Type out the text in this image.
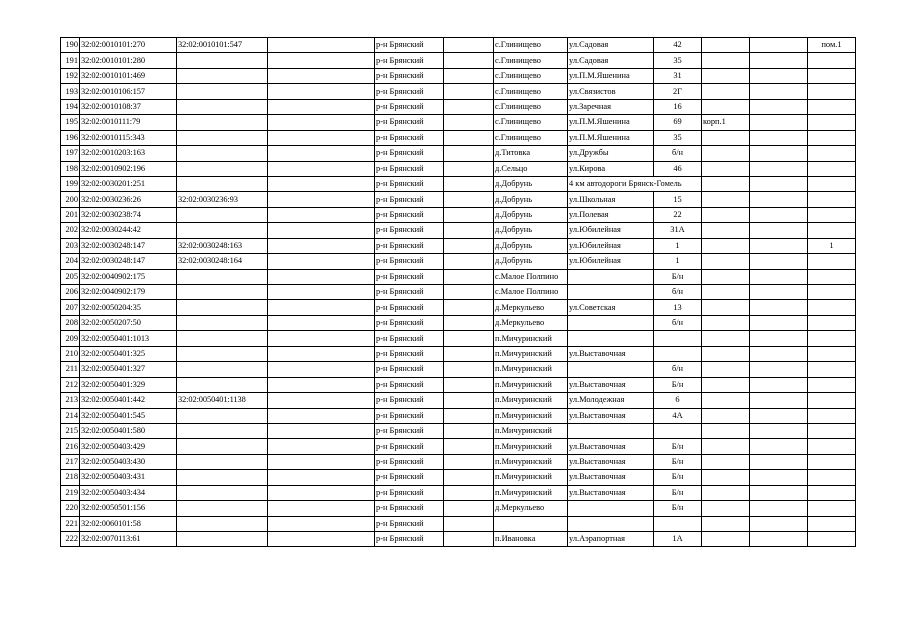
190	32:02:0010101:270	32:02:0010101:547		р-н Брянский		с.Глинищево	ул.Садовая	42			пом.1
191	32:02:0010101:280			р-н Брянский		с.Глинищево	ул.Садовая	35			
192	32:02:0010101:469			р-н Брянский		с.Глинищево	ул.П.М.Яшенина	31			
193	32:02:0010106:157			р-н Брянский		с.Глинищево	ул.Связистов	2Г			
194	32:02:0010108:37			р-н Брянский		с.Глинищево	ул.Заречная	16			
195	32:02:0010111:79			р-н Брянский		с.Глинищево	ул.П.М.Яшенина	69	корп.1		
196	32:02:0010115:343			р-н Брянский		с.Глинищево	ул.П.М.Яшенина	35			
197	32:02:0010203:163			р-н Брянский		д.Титовка	ул.Дружбы	б/н			
198	32:02:0010902:196			р-н Брянский		д.Сельцо	ул.Кирова	46			
199	32:02:0030201:251			р-н Брянский		д.Добрунь	4 км автодороги Брянск-Гомель				
200	32:02:0030236:26	32:02:0030236:93		р-н Брянский		д.Добрунь	ул.Школьная	15			
201	32:02:0030238:74			р-н Брянский		д.Добрунь	ул.Полевая	22			
202	32:02:0030244:42			р-н Брянский		д.Добрунь	ул.Юбилейная	31А			
203	32:02:0030248:147	32:02:0030248:163		р-н Брянский		д.Добрунь	ул.Юбилейная	1			1
204	32:02:0030248:147	32:02:0030248:164		р-н Брянский		д.Добрунь	ул.Юбилейная	1			
205	32:02:0040902:175			р-н Брянский		с.Малое Полпино		Б/н			
206	32:02:0040902:179			р-н Брянский		с.Малое Полпино		б/н			
207	32:02:0050204:35			р-н Брянский		д.Меркульево	ул.Советская	13			
208	32:02:0050207:50			р-н Брянский		д.Меркульево		б/н			
209	32:02:0050401:1013			р-н Брянский		п.Мичуринский					
210	32:02:0050401:325			р-н Брянский		п.Мичуринский	ул.Выставочная				
211	32:02:0050401:327			р-н Брянский		п.Мичуринский		б/н			
212	32:02:0050401:329			р-н Брянский		п.Мичуринский	ул.Выставочная	Б/н			
213	32:02:0050401:442	32:02:0050401:1138		р-н Брянский		п.Мичуринский	ул.Молодежная	6			
214	32:02:0050401:545			р-н Брянский		п.Мичуринский	ул.Выставочная	4А			
215	32:02:0050401:580			р-н Брянский		п.Мичуринский					
216	32:02:0050403:429			р-н Брянский		п.Мичуринский	ул.Выставочная	Б/н			
217	32:02:0050403:430			р-н Брянский		п.Мичуринский	ул.Выставочная	Б/н			
218	32:02:0050403:431			р-н Брянский		п.Мичуринский	ул.Выставочная	Б/н			
219	32:02:0050403:434			р-н Брянский		п.Мичуринский	ул.Выставочная	Б/н			
220	32:02:0050501:156			р-н Брянский		д.Меркульево		Б/н			
221	32:02:0060101:58			р-н Брянский							
222	32:02:0070113:61			р-н Брянский		п.Ивановка	ул.Аэрапортная	1А			
